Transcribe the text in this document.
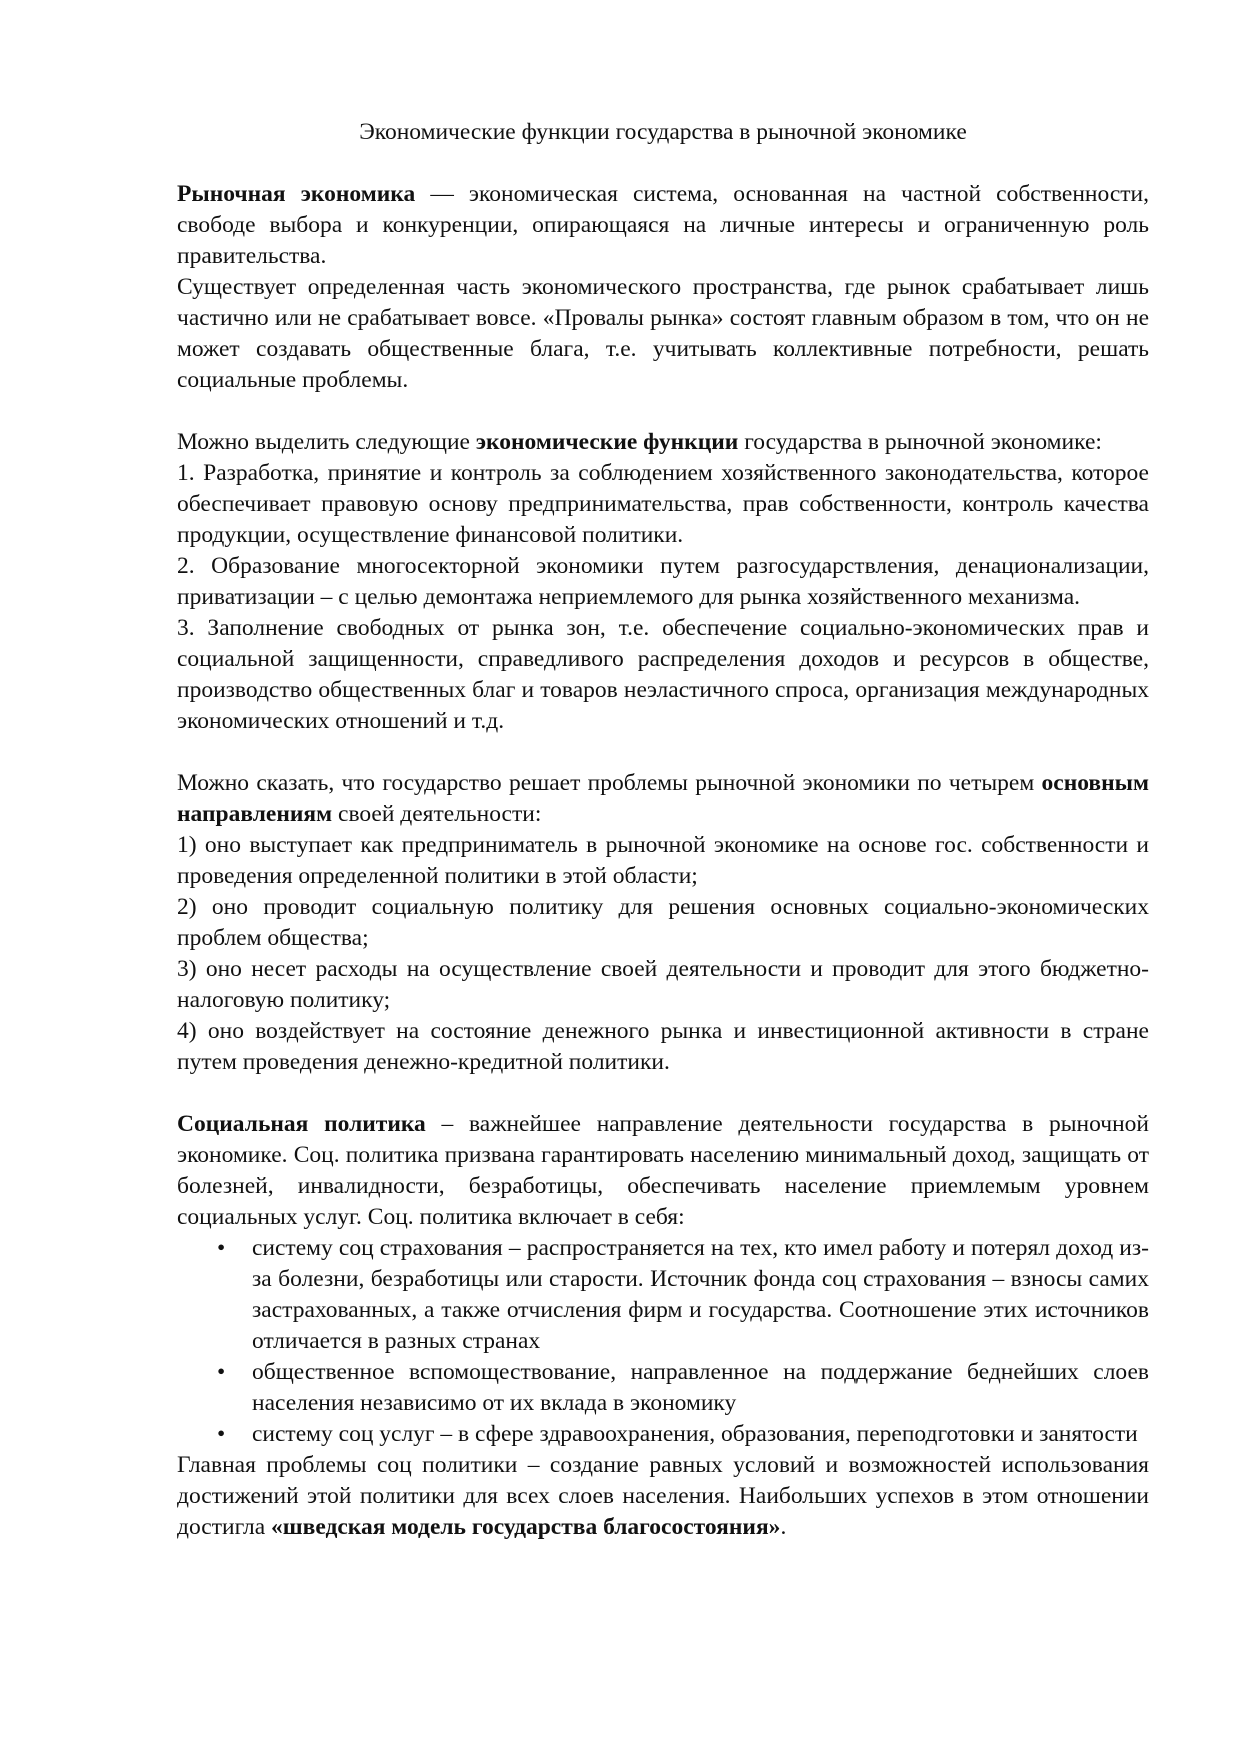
Экономические функции государства в рыночной экономике

Рыночная экономика — экономическая система, основанная на частной собственности, свободе выбора и конкуренции, опирающаяся на личные интересы и ограниченную роль правительства.

Существует определенная часть экономического пространства, где рынок срабатывает лишь частично или не срабатывает вовсе. «Провалы рынка» состоят главным образом в том, что он не может создавать общественные блага, т.е. учитывать коллективные потребности, решать социальные проблемы.

Можно выделить следующие экономические функции государства в рыночной экономике:

1. Разработка, принятие и контроль за соблюдением хозяйственного законодательства, которое обеспечивает правовую основу предпринимательства, прав собственности, контроль качества продукции, осуществление финансовой политики.

2. Образование многосекторной экономики путем разгосударствления, денационализации, приватизации – с целью демонтажа неприемлемого для рынка хозяйственного механизма.

3. Заполнение свободных от рынка зон, т.е. обеспечение социально-экономических прав и социальной защищенности, справедливого распределения доходов и ресурсов в обществе, производство общественных благ и товаров неэластичного спроса, организация международных экономических отношений и т.д.

Можно сказать, что государство решает проблемы рыночной экономики по четырем основным направлениям своей деятельности:

1) оно выступает как предприниматель в рыночной экономике на основе гос. собственности и проведения определенной политики в этой области;

2) оно проводит социальную политику для решения основных социально-экономических проблем общества;

3) оно несет расходы на осуществление своей деятельности и проводит для этого бюджетно-налоговую политику;

4) оно воздействует на состояние денежного рынка и инвестиционной активности в стране путем проведения денежно-кредитной политики.

Социальная политика – важнейшее направление деятельности государства в рыночной экономике. Соц. политика призвана гарантировать населению минимальный доход, защищать от болезней, инвалидности, безработицы, обеспечивать население приемлемым уровнем социальных услуг. Соц. политика включает в себя:

• систему соц страхования – распространяется на тех, кто имел работу и потерял доход из-за болезни, безработицы или старости. Источник фонда соц страхования – взносы самих застрахованных, а также отчисления фирм и государства. Соотношение этих источников отличается в разных странах
• общественное вспомоществование, направленное на поддержание беднейших слоев населения независимо от их вклада в экономику
• систему соц услуг – в сфере здравоохранения, образования, переподготовки и занятости

Главная проблемы соц политики – создание равных условий и возможностей использования достижений этой политики для всех слоев населения. Наибольших успехов в этом отношении достигла «шведская модель государства благосостояния».
